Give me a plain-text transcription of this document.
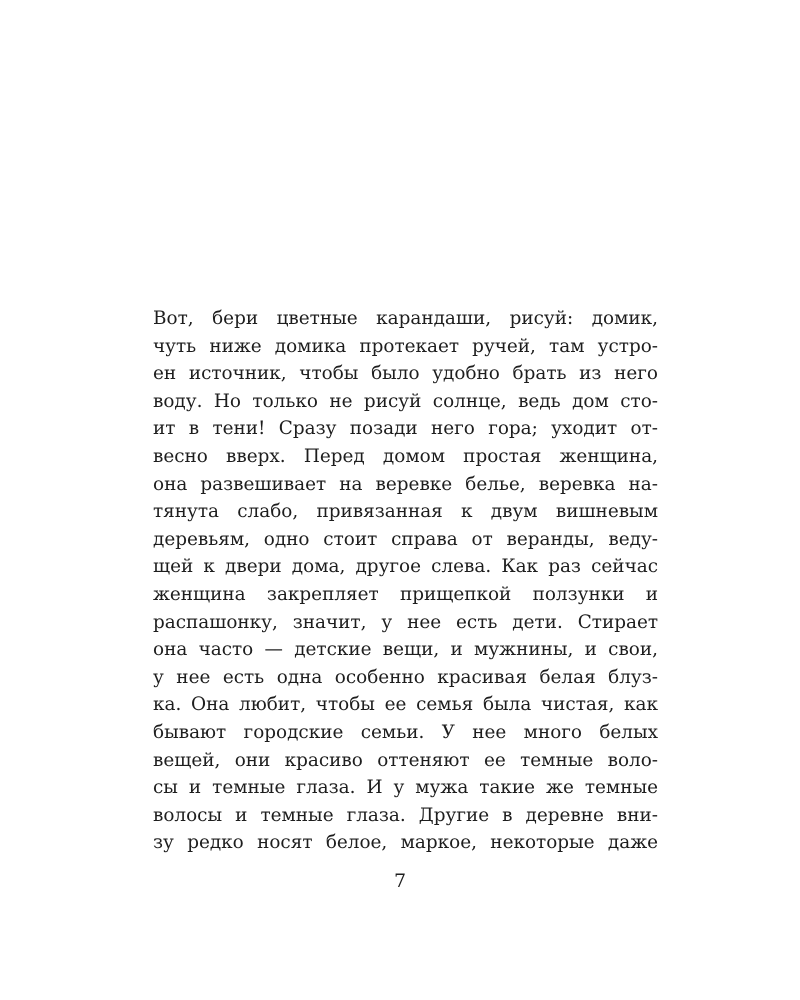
Вот, бери цветные карандаши, рисуй: домик,
чуть ниже домика протекает ручей, там устро-
ен источник, чтобы было удобно брать из него
воду. Но только не рисуй солнце, ведь дом сто-
ит в тени! Сразу позади него гора; уходит от-
весно вверх. Перед домом простая женщина,
она развешивает на веревке белье, веревка на-
тянута слабо, привязанная к двум вишневым
деревьям, одно стоит справа от веранды, веду-
щей к двери дома, другое слева. Как раз сейчас
женщина закрепляет прищепкой ползунки и
распашонку, значит, у нее есть дети. Стирает
она часто — детские вещи, и мужнины, и свои,
у нее есть одна особенно красивая белая блуз-
ка. Она любит, чтобы ее семья была чистая, как
бывают городские семьи. У нее много белых
вещей, они красиво оттеняют ее темные воло-
сы и темные глаза. И у мужа такие же темные
волосы и темные глаза. Другие в деревне вни-
зу редко носят белое, маркое, некоторые даже
7
